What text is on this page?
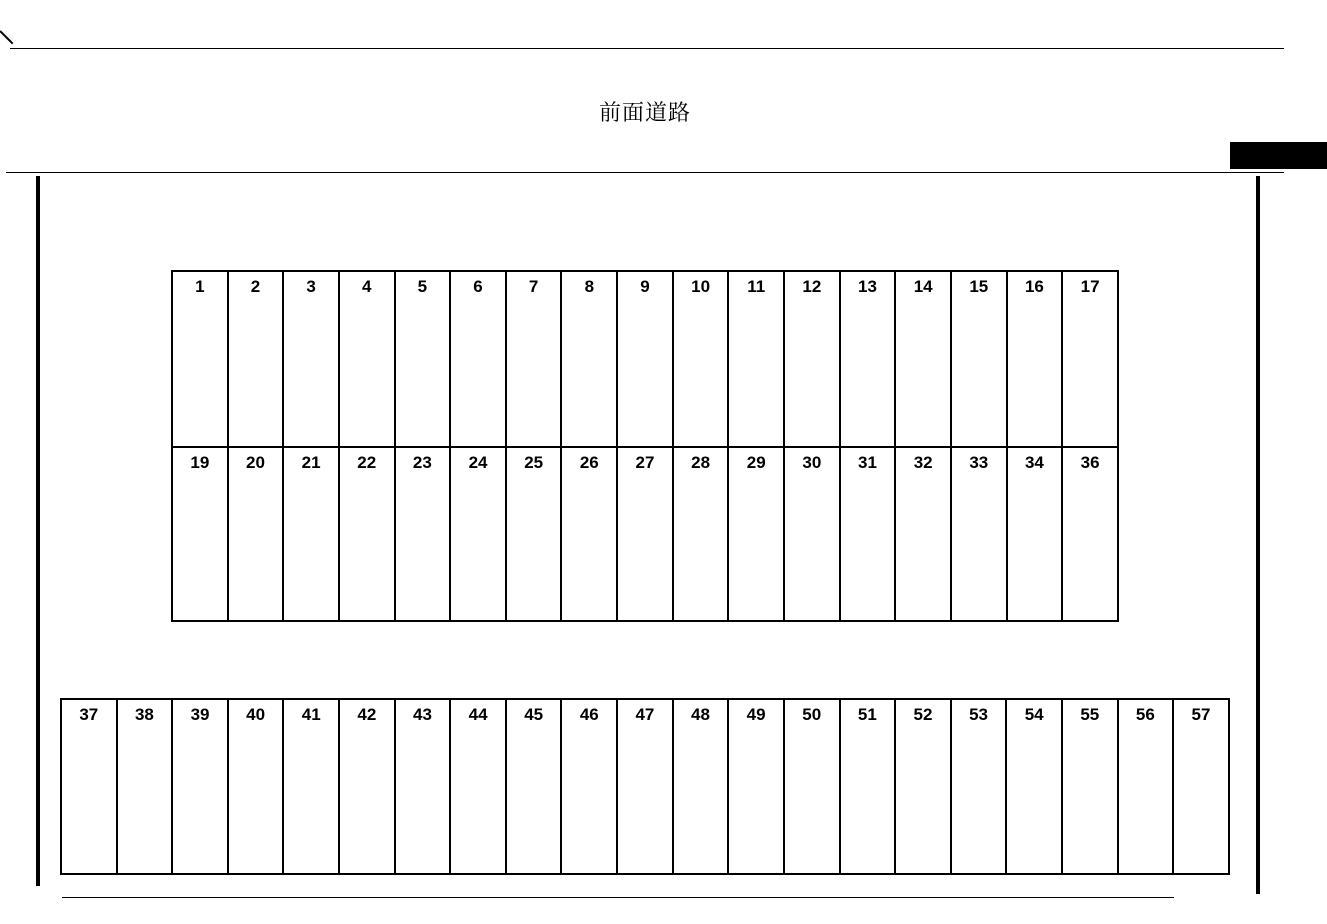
前面道路
1	2	3	4	5	6	7	8	9	10	11	12	13	14	15	16	17
19	20	21	22	23	24	25	26	27	28	29	30	31	32	33	34	36
37	38	39	40	41	42	43	44	45	46	47	48	49	50	51	52	53	54	55	56	57
